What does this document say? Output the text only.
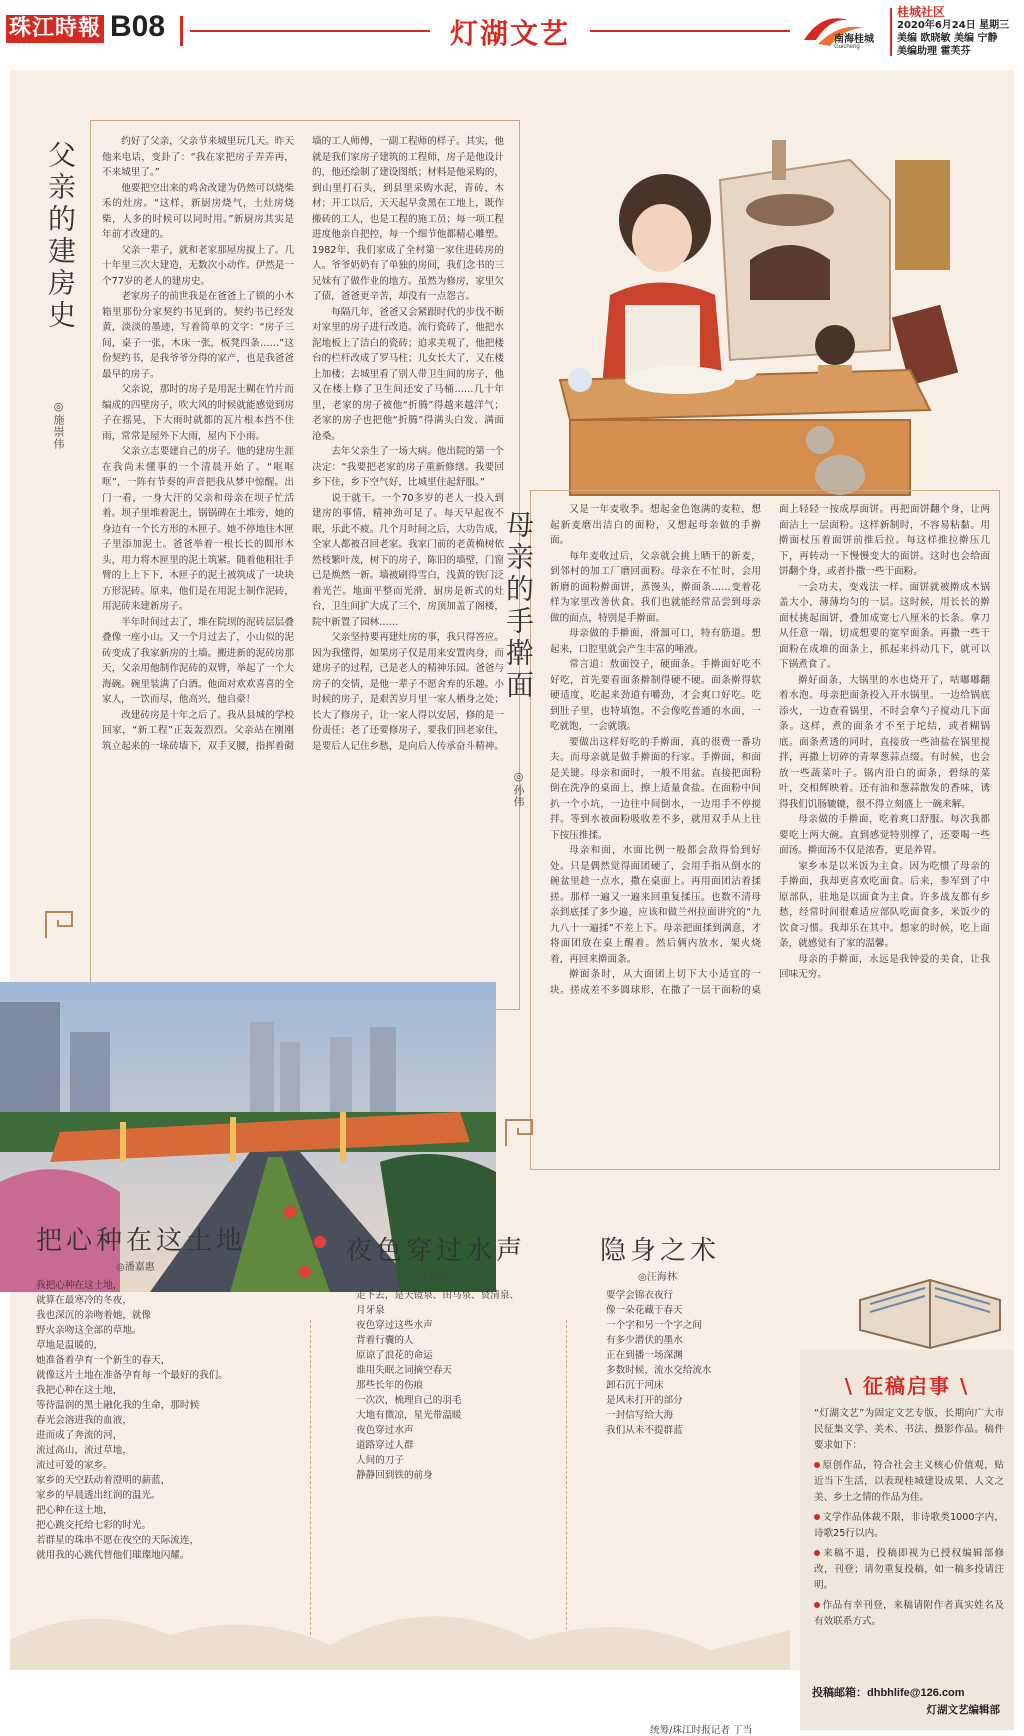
珠江時報 B08	灯湖文艺	南海桂城
Guicheng
桂城社区
2020年6月24日 星期三
美编 欧晓敏 美编 宁静
美编助理 霍芙芬
父亲的建房史
◎施崇伟

约好了父亲，父亲节来城里玩几天。昨天他来电话，变卦了：“我在家把房子弄弄再，不来城里了。”

他要把空出来的鸡舍改建为仍然可以烧柴禾的灶房。“这样，新厨房烧气，土灶房烧柴，人多的时候可以同时用。”新厨房其实是年前才改建的。

父亲一辈子，就和老家那屋房搅上了。几十年里三次大建造，无数次小动作。伊然是一个77岁的老人的建房史。

老家房子的前世我是在爸爸上了锁的小木箱里那份分家契约书见到的。契约书已经发黄，淡淡的墨迹，写着简单的文字：“房子三间，桌子一张，木床一张，板凳四条……”这份契约书，是我爷爷分得的家产，也是我爸爸最早的房子。

父亲说，那时的房子是用泥土糊在竹片而编成的四壁房子，吹大风的时候就能感觉到房子在摇晃，下大雨时就都的瓦片根本挡不住雨，常常是屋外下大雨，屋内下小雨。

父亲立志要建自己的房子。他的建房生涯在我尚未懂事的一个清晨开始了。“哐哐哐”，一阵有节奏的声音把我从梦中惊醒。出门一看，一身大汗的父亲和母亲在坝子忙活着。坝子里堆着泥土，锅锅碑在土堆旁，她的身边有一个长方形的木匣子。她不停地往木匣子里添加泥土。爸爸举着一根长长的圆形木头，用力将木匣里的泥土筑紧。随着他粗壮手臂的上上下下，木匣子的泥土被筑成了一块块方形泥砖。原来，他们是在用泥土制作泥砖，用泥砖来建新房子。

半年时间过去了，堆在院坝的泥砖层层叠叠像一座小山。又一个月过去了，小山似的泥砖变成了我家新房的土墙。搬进新的泥砖房那天，父亲用他制作泥砖的双臂，举起了一个大海碗。碗里装满了白酒。他面对欢欢喜喜的全家人，一饮而尽，他高兴，他自豪！

改建砖房是十年之后了。我从县城的学校回家，“新工程”正轰轰烈烈。父亲站在刚刚筑立起来的一垛砖墙下，双手叉腰，指挥着砌墙的工人师傅，一副工程师的样子。其实，他就是我们家房子建筑的工程师，房子是他设计的，他还绘制了建设图纸；材料是他采购的，到山里打石头，到县里采购水泥，青砖、木材；开工以后，天天起早贪黑在工地上，既作搬砖的工人，也是工程的施工员；每一项工程进度他亲自把控，每一个细节他都精心雕塑。1982年，我们家成了全村第一家住进砖房的人。爷爷奶奶有了单独的房间，我们念书的三兄妹有了做作业的地方。虽然为修房，家里欠了债，爸爸更辛苦，却没有一点怨言。

每隔几年，爸爸又会紧跟时代的步伐不断对家里的房子进行改造。流行瓷砖了，他把水泥地板上了洁白的瓷砖；追求美观了，他把楼台的栏杆改成了罗马柱；儿女长大了，又在楼上加楼；去城里看了别人带卫生间的房子，他又在楼上修了卫生间还安了马桶……几十年里，老家的房子被他“折腾”得越来越洋气；老家的房子也把他“折腾”得满头白发、满面沧桑。

去年父亲生了一场大病。他出院的第一个决定：“我要把老家的房子重新修缮。我要回乡下住，乡下空气好，比城里住起舒服。”

说干就干。一个70多岁的老人一投入到建房的事情，精神劲可足了。每天早起夜不眠，乐此不疲。几个月时间之后，大功告成，全家人都被召回老家。我家门前的老黄桷树依然枝繁叶茂，树下的房子，陈旧的墙壁，门窗已是焕然一新。墙被刷得雪白，浅黄的铁门泛着光芒。地面平整而光滑，厨房是新式的灶台，卫生间扩大成了三个，房顶加盖了阁楼，院中新置了园林……

父亲坚持要再建灶房的事，我只得答应。因为我懂得，如果房子仅是用来安置肉身，而建房子的过程，已是老人的精神乐园。爸爸与房子的交情，是他一辈子不愿舍弃的乐趣。小时候的房子，是艰苦岁月里一家人栖身之处；长大了修房子，让一家人得以安居，修的是一份责任；老了还要修房子，要我们回老家住，是要后人记住乡愁，是向后人传承奋斗精神。

母亲的手擀面
◎孙伟

又是一年麦收季。想起金色饱满的麦粒，想起新麦磨出洁白的面粉，又想起母亲做的手擀面。

每年麦收过后，父亲就会挑上晒干的新麦，到邻村的加工厂磨回面粉。母亲在不忙时，会用新磨的面粉擀面饼，蒸馒头，擀面条……变着花样为家里改善伙食。我们也就能经常品尝到母亲做的面点，特别是手擀面。

母亲做的手擀面，滑溜可口，特有筋道。想起来，口腔里就会产生丰富的唾液。

常言道：敖面饺子，硬面条。手擀面好吃不好吃，首先要看面条擀制得硬不硬。面条擀得软硬适度，吃起来劲道有嚼劲，才会爽口好吃。吃到肚子里，也特填饱。不会像吃普通的水面，一吃就饱，一会就饿。

要做出这样好吃的手擀面，真的很费一番功夫。而母亲就是做手擀面的行家。手擀面，和面是关键。母亲和面时，一般不用盆。直接把面粉倒在洗净的桌面上，擦上适量食盐。在面粉中间扒一个小坑，一边往中间倒水，一边用手不停搅拌。等到水被面粉吸收差不多，就用双手从上往下按压推揉。

母亲和面，水面比例一般都会敌得恰到好处。只是偶然觉得面团硬了，会用手指从倒水的碗盆里趁一点水，撒在桌面上。再用面团沾着揉搓。那样一遍又一遍来回重复揉压。也数不清母亲到底揉了多少遍，应该和做兰州拉面讲究的“九九八十一遍揉”不差上下。母亲把面揉到满意，才将面团放在桌上醒着。然后俩内放水，架火烧着，再回来擀面条。

擀面条时，从大面团上切下大小适宜的一块。搓成差不多圆球形，在撒了一层干面粉的桌面上轻轻一按成厚面饼。再把面饼翻个身，让两面沾上一层面粉。这样新制时，不容易粘黏。用擀面杖压着面饼前推后拉。每这样推拉擀压几下，再转动一下慢慢变大的面饼。这时也会给面饼翻个身，或者扑撒一些干面粉。

一会功夫，变戏法一样。面饼就被擀成木锅盖大小，薄薄均匀的一层。这时候，用长长的擀面杖挑起面饼，叠加成宽七八厘米的长条。拿刀从任意一端，切成想要的宽窄面条。再撒一些干面粉在成堆的面条上，抓起来抖动几下，就可以下锅煮食了。

擀好面条，大锅里的水也烧开了，咕嘟嘟翻着水泡。母亲把面条投入开水锅里。一边给锅底添火，一边查看锅里，不时会拿勺子搅动几下面条。这样，煮的面条才不至于坨结，或者糊锅底。面条煮透的同时，直接放一些油盐在锅里搅拌，再撒上切碎的青翠葱蒜点缀。有时候，也会放一些蔬菜叶子。锅内沿白的面条，碧绿的菜叶，交相辉映着。还有油和葱蒜散发的香味，诱得我们饥肠辘辘，很不得立刻盛上一碗来解。

母亲做的手擀面，吃着爽口舒服。每次我都要吃上两大碗。直到感觉特别撑了，还要喝一些面汤。擀面汤不仅是浓香，更是养胃。

家乡本是以米饭为主食。因为吃惯了母亲的手擀面，我却更喜欢吃面食。后来，参军到了中原部队，驻地是以面食为主食。许多战友都有乡愁，经常时间很难适应部队吃面食多，米饭少的饮食习惯。我却乐在其中。想家的时候，吃上面条，就感觉有了家的温馨。

母亲的手擀面，永远是我钟爱的美食，让我回味无穷。

把心种在这土地
◎潘嘉惠
我把心种在这土地，
就算在最寒冷的冬夜，
我也深沉的亲吻着她，就像
野火亲吻这全部的草地。
草地是温暖的，
她准备着孕育一个新生的春天，
就像这片土地在准备孕育每一个最好的我们。
我把心种在这土地，
等待温润的黑土融化我的生命，那时候
春光会溶进我的血液，
进而成了奔流的河，
流过高山，流过草地，
流过可爱的家乡。
家乡的天空跃动着澄明的薪蓝，
家乡的早晨透出红润的温光。
把心种在这土地，
把心跳交托给七彩的时光。
若群星的珠串不愿在夜空的天际流连，
就用我的心跳代替他们璀璨地闪耀。
夜色穿过水声
◎汪海林
走下去，是天镜泉、田马泉、贤清泉、
月牙泉
夜色穿过这些水声
背着行囊的人
原谅了浪花的命运
谁用失眠之词摘空春天
那些长年的伤痕
一次次，梳理自己的羽毛
大地有微凉，星光带温暖
夜色穿过水声
道路穿过人群
人间的刀子
静静回到铁的前身
隐身之术
◎汪海林
要学会锦衣夜行
像一朵花藏于春天
一个字和另一个字之间
有多少潜伏的墨水
正在到播一场深渊
多数时候，流水交给流水
卸石沉于河床
是风未打开的部分
一封信写给大海
我们从未不提群蓝
\ 征稿启事 \

“灯湖文艺”为固定文艺专版，长期向广大市民征集文学、美术、书法、摄影作品。稿件要求如下：

原创作品，符合社会主义核心价值观，贴近当下生活，以表现桂城建设成果、人文之美、乡土之情的作品为佳。

文学作品体裁不限，非诗歌类1000字内，诗歌25行以内。

来稿不退，投稿即视为已授权编辑部修改，刊登；请勿重复投稿，如一稿多投请注明。

作品有幸刊登，来稿请附作者真实姓名及有效联系方式。

投稿邮箱：dhbhlife@126.com
灯湖文艺编辑部
统筹/珠江时报记者 丁当
